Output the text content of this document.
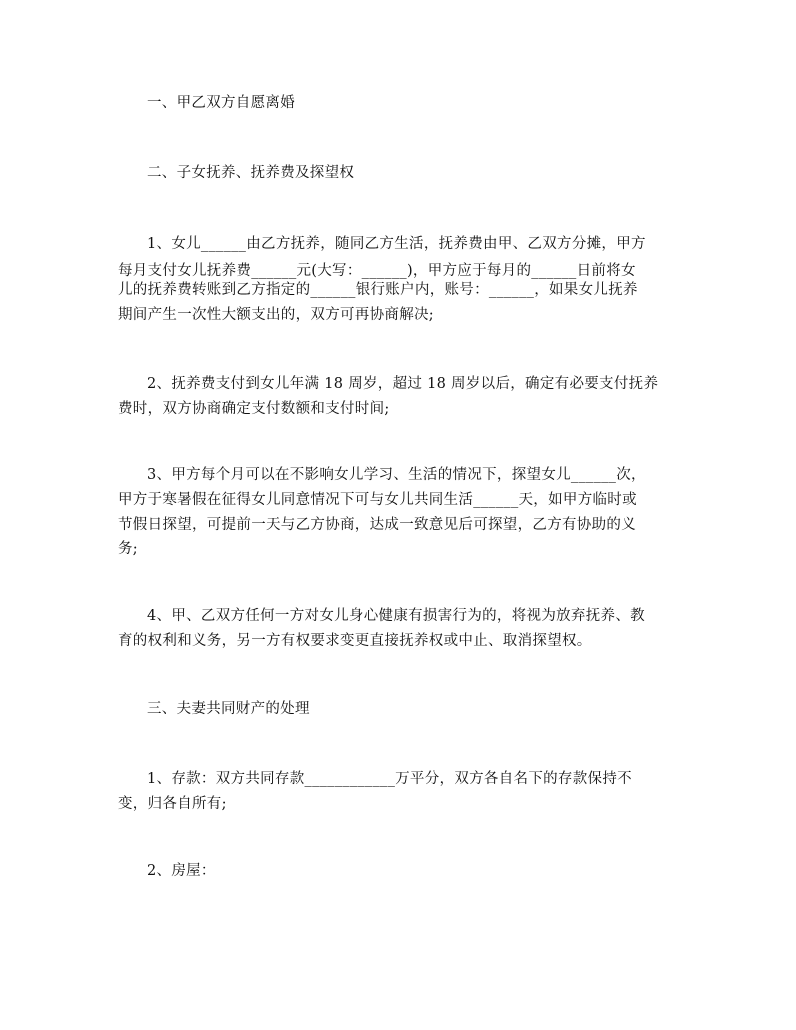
一、甲乙双方自愿离婚
二、子女抚养、抚养费及探望权
1、女儿______由乙方抚养，随同乙方生活，抚养费由甲、乙双方分摊，甲方
每月支付女儿抚养费______元(大写：______)，甲方应于每月的______日前将女
儿的抚养费转账到乙方指定的______银行账户内，账号：______，如果女儿抚养
期间产生一次性大额支出的，双方可再协商解决;
2、抚养费支付到女儿年满 18 周岁，超过 18 周岁以后，确定有必要支付抚养
费时，双方协商确定支付数额和支付时间;
3、甲方每个月可以在不影响女儿学习、生活的情况下，探望女儿______次，
甲方于寒暑假在征得女儿同意情况下可与女儿共同生活______天，如甲方临时或
节假日探望，可提前一天与乙方协商，达成一致意见后可探望，乙方有协助的义
务;
4、甲、乙双方任何一方对女儿身心健康有损害行为的，将视为放弃抚养、教
育的权利和义务，另一方有权要求变更直接抚养权或中止、取消探望权。
三、夫妻共同财产的处理
1、存款：双方共同存款____________万平分，双方各自名下的存款保持不
变，归各自所有;
2、房屋：
